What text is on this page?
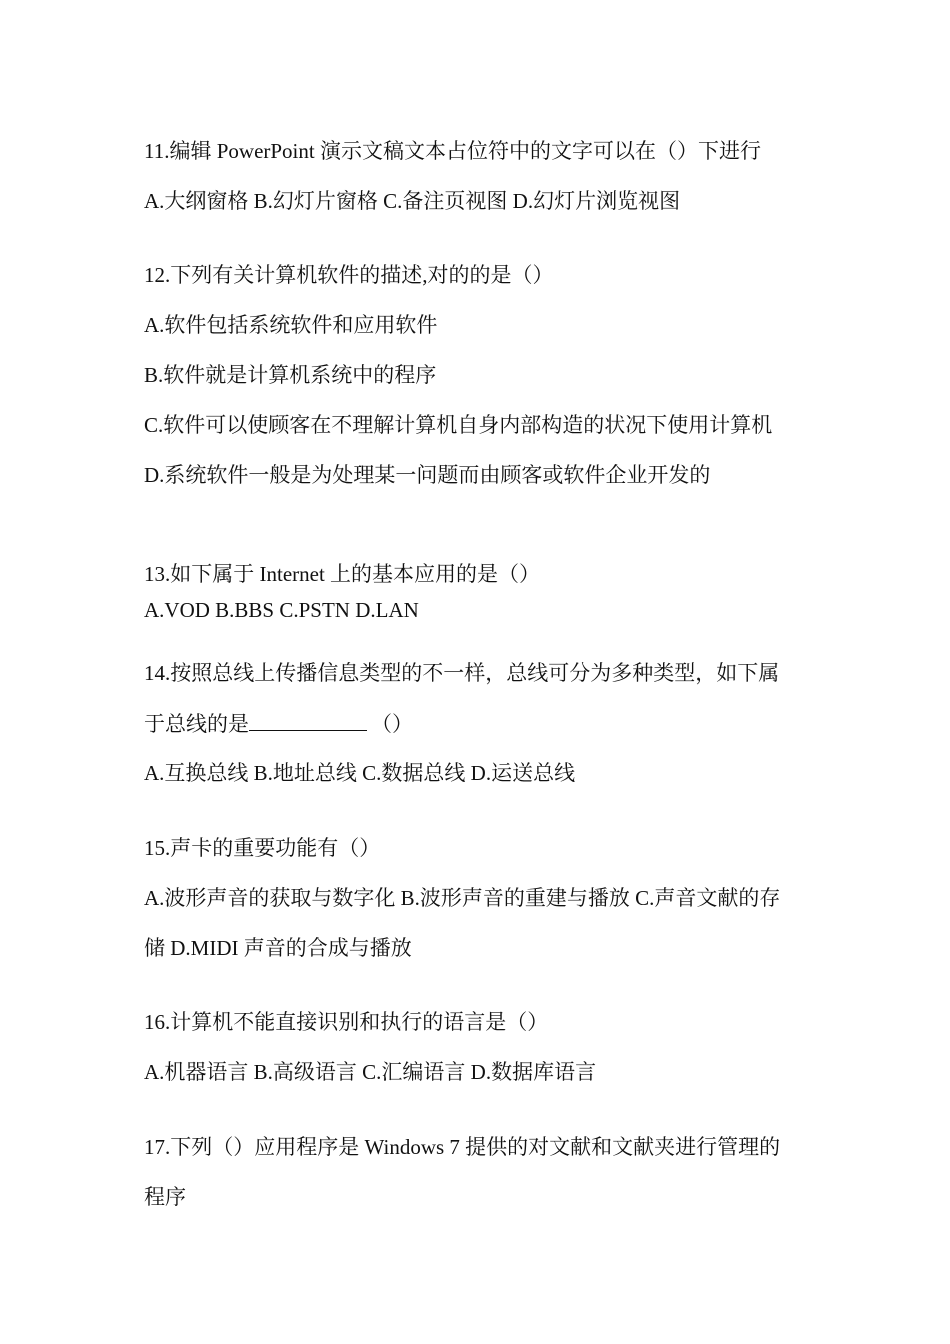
11.编辑 PowerPoint 演示文稿文本占位符中的文字可以在（）下进行
A.大纲窗格 B.幻灯片窗格 C.备注页视图 D.幻灯片浏览视图
12.下列有关计算机软件的描述,对的的是（）
A.软件包括系统软件和应用软件
B.软件就是计算机系统中的程序
C.软件可以使顾客在不理解计算机自身内部构造的状况下使用计算机
D.系统软件一般是为处理某一问题而由顾客或软件企业开发的
13.如下属于 Internet 上的基本应用的是（）
A.VOD B.BBS C.PSTN D.LAN
14.按照总线上传播信息类型的不一样，总线可分为多种类型，如下属
于总线的是	（）
A.互换总线 B.地址总线 C.数据总线 D.运送总线
15.声卡的重要功能有（）
A.波形声音的获取与数字化 B.波形声音的重建与播放 C.声音文献的存
储 D.MIDI 声音的合成与播放
16.计算机不能直接识别和执行的语言是（）
A.机器语言 B.高级语言 C.汇编语言 D.数据库语言
17.下列（）应用程序是 Windows 7 提供的对文献和文献夹进行管理的
程序
